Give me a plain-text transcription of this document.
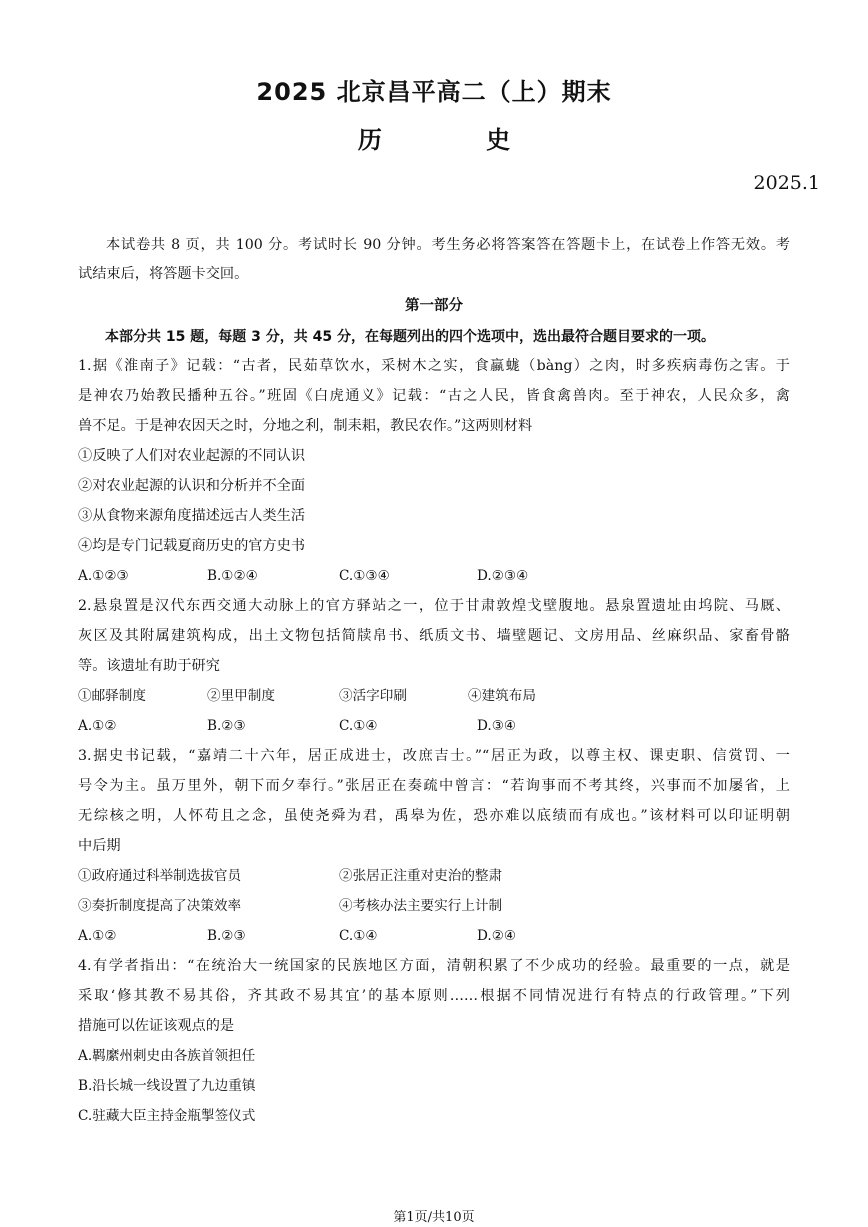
2025 北京昌平高二（上）期末
历 史
2025.1
本试卷共 8 页，共 100 分。考试时长 90 分钟。考生务必将答案答在答题卡上，在试卷上作答无效。考
试结束后，将答题卡交回。
第一部分
本部分共 15 题，每题 3 分，共 45 分，在每题列出的四个选项中，选出最符合题目要求的一项。
1.据《淮南子》记载：“古者，民茹草饮水，采树木之实，食蠃蛖（bàng）之肉，时多疾病毒伤之害。于
是神农乃始教民播种五谷。”班固《白虎通义》记载：“古之人民，皆食禽兽肉。至于神农，人民众多，禽
兽不足。于是神农因天之时，分地之利，制耒耜，教民农作。”这两则材料
①反映了人们对农业起源的不同认识
②对农业起源的认识和分析并不全面
③从食物来源角度描述远古人类生活
④均是专门记载夏商历史的官方史书
A.①②③	B.①②④	C.①③④	D.②③④
2.悬泉置是汉代东西交通大动脉上的官方驿站之一，位于甘肃敦煌戈壁腹地。悬泉置遗址由坞院、马厩、
灰区及其附属建筑构成，出土文物包括简牍帛书、纸质文书、墙壁题记、文房用品、丝麻织品、家畜骨骼
等。该遗址有助于研究
①邮驿制度	②里甲制度	③活字印刷	④建筑布局
A.①②	B.②③	C.①④	D.③④
3.据史书记载，“嘉靖二十六年，居正成进士，改庶吉士。”“居正为政，以尊主权、课吏职、信赏罚、一
号令为主。虽万里外，朝下而夕奉行。”张居正在奏疏中曾言：“若询事而不考其终，兴事而不加屡省，上
无综核之明，人怀苟且之念，虽使尧舜为君，禹皋为佐，恐亦难以底绩而有成也。”该材料可以印证明朝
中后期
①政府通过科举制选拔官员	②张居正注重对吏治的整肃
③奏折制度提高了决策效率	④考核办法主要实行上计制
A.①②	B.②③	C.①④	D.②④
4.有学者指出：“在统治大一统国家的民族地区方面，清朝积累了不少成功的经验。最重要的一点，就是
采取‘修其教不易其俗，齐其政不易其宜’的基本原则……根据不同情况进行有特点的行政管理。”下列
措施可以佐证该观点的是
A.羁縻州刺史由各族首领担任
B.沿长城一线设置了九边重镇
C.驻藏大臣主持金瓶掣签仪式
第1页/共10页
